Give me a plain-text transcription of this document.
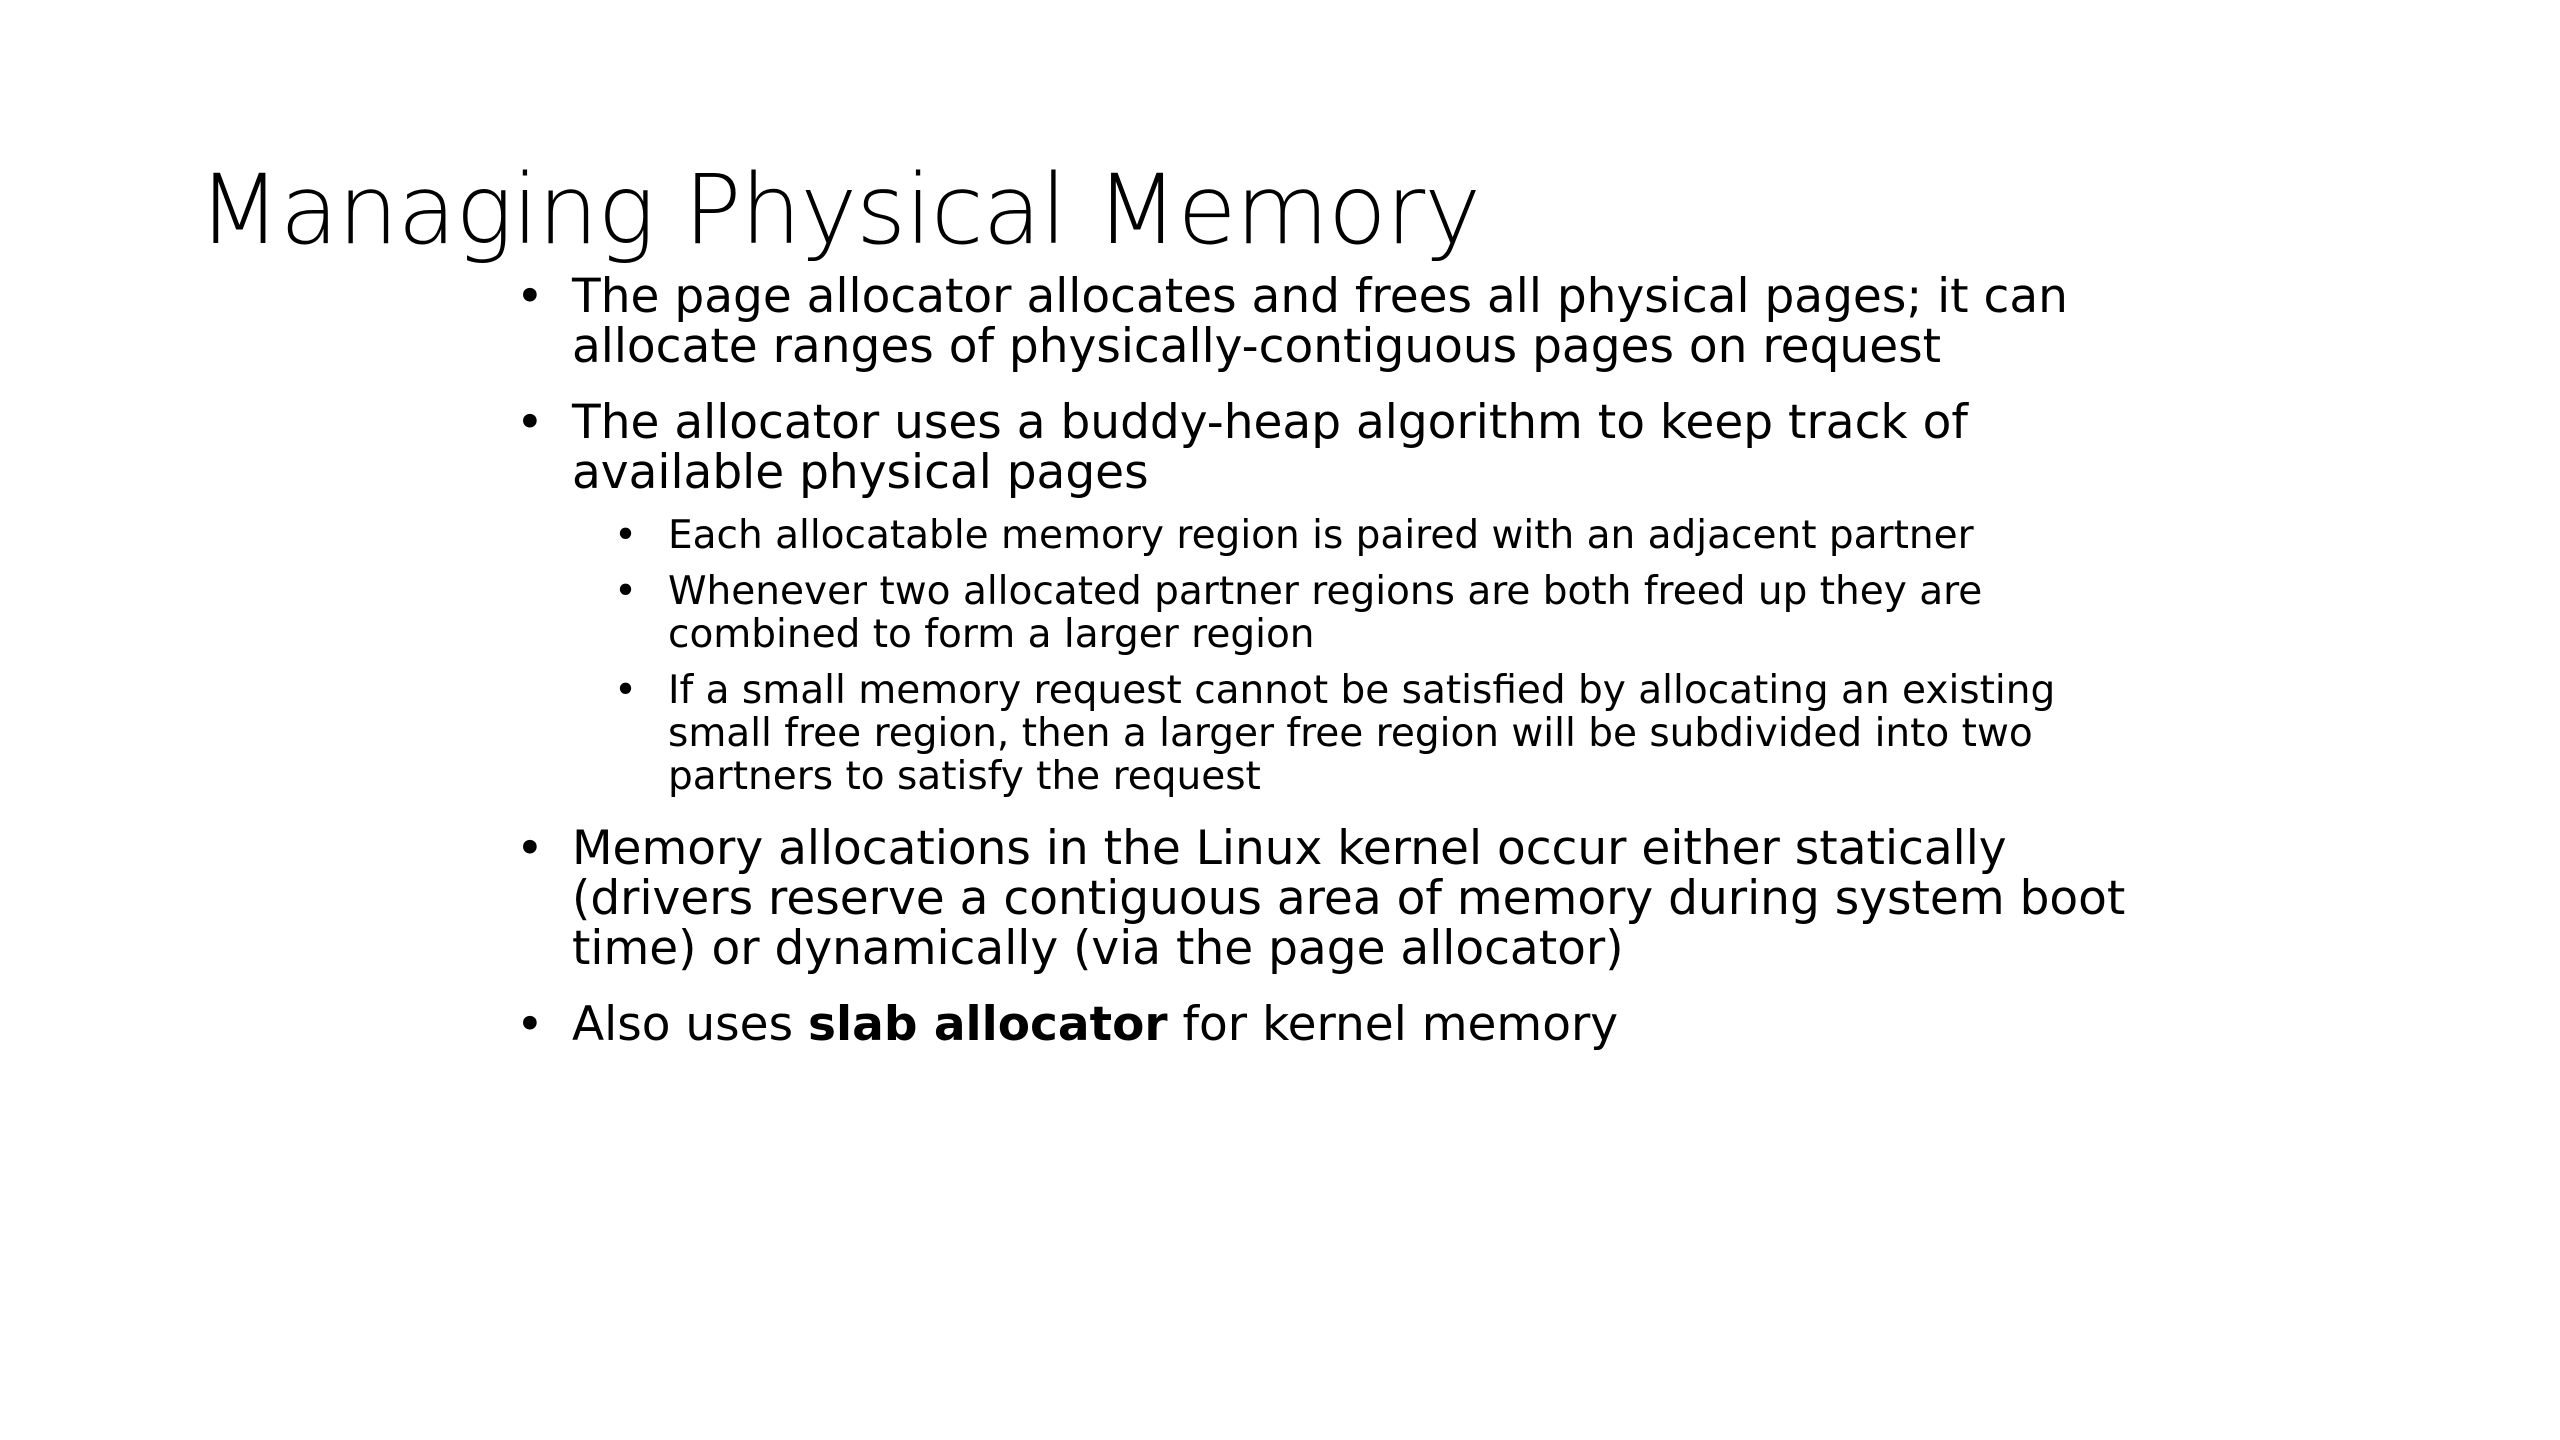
Managing Physical Memory
• The page allocator allocates and frees all physical pages; it can allocate ranges of physically-contiguous pages on request
• The allocator uses a buddy-heap algorithm to keep track of available physical pages
• Each allocatable memory region is paired with an adjacent partner
• Whenever two allocated partner regions are both freed up they are combined to form a larger region
• If a small memory request cannot be satisfied by allocating an existing small free region, then a larger free region will be subdivided into two partners to satisfy the request
• Memory allocations in the Linux kernel occur either statically (drivers reserve a contiguous area of memory during system boot time) or dynamically (via the page allocator)
• Also uses slab allocator for kernel memory
